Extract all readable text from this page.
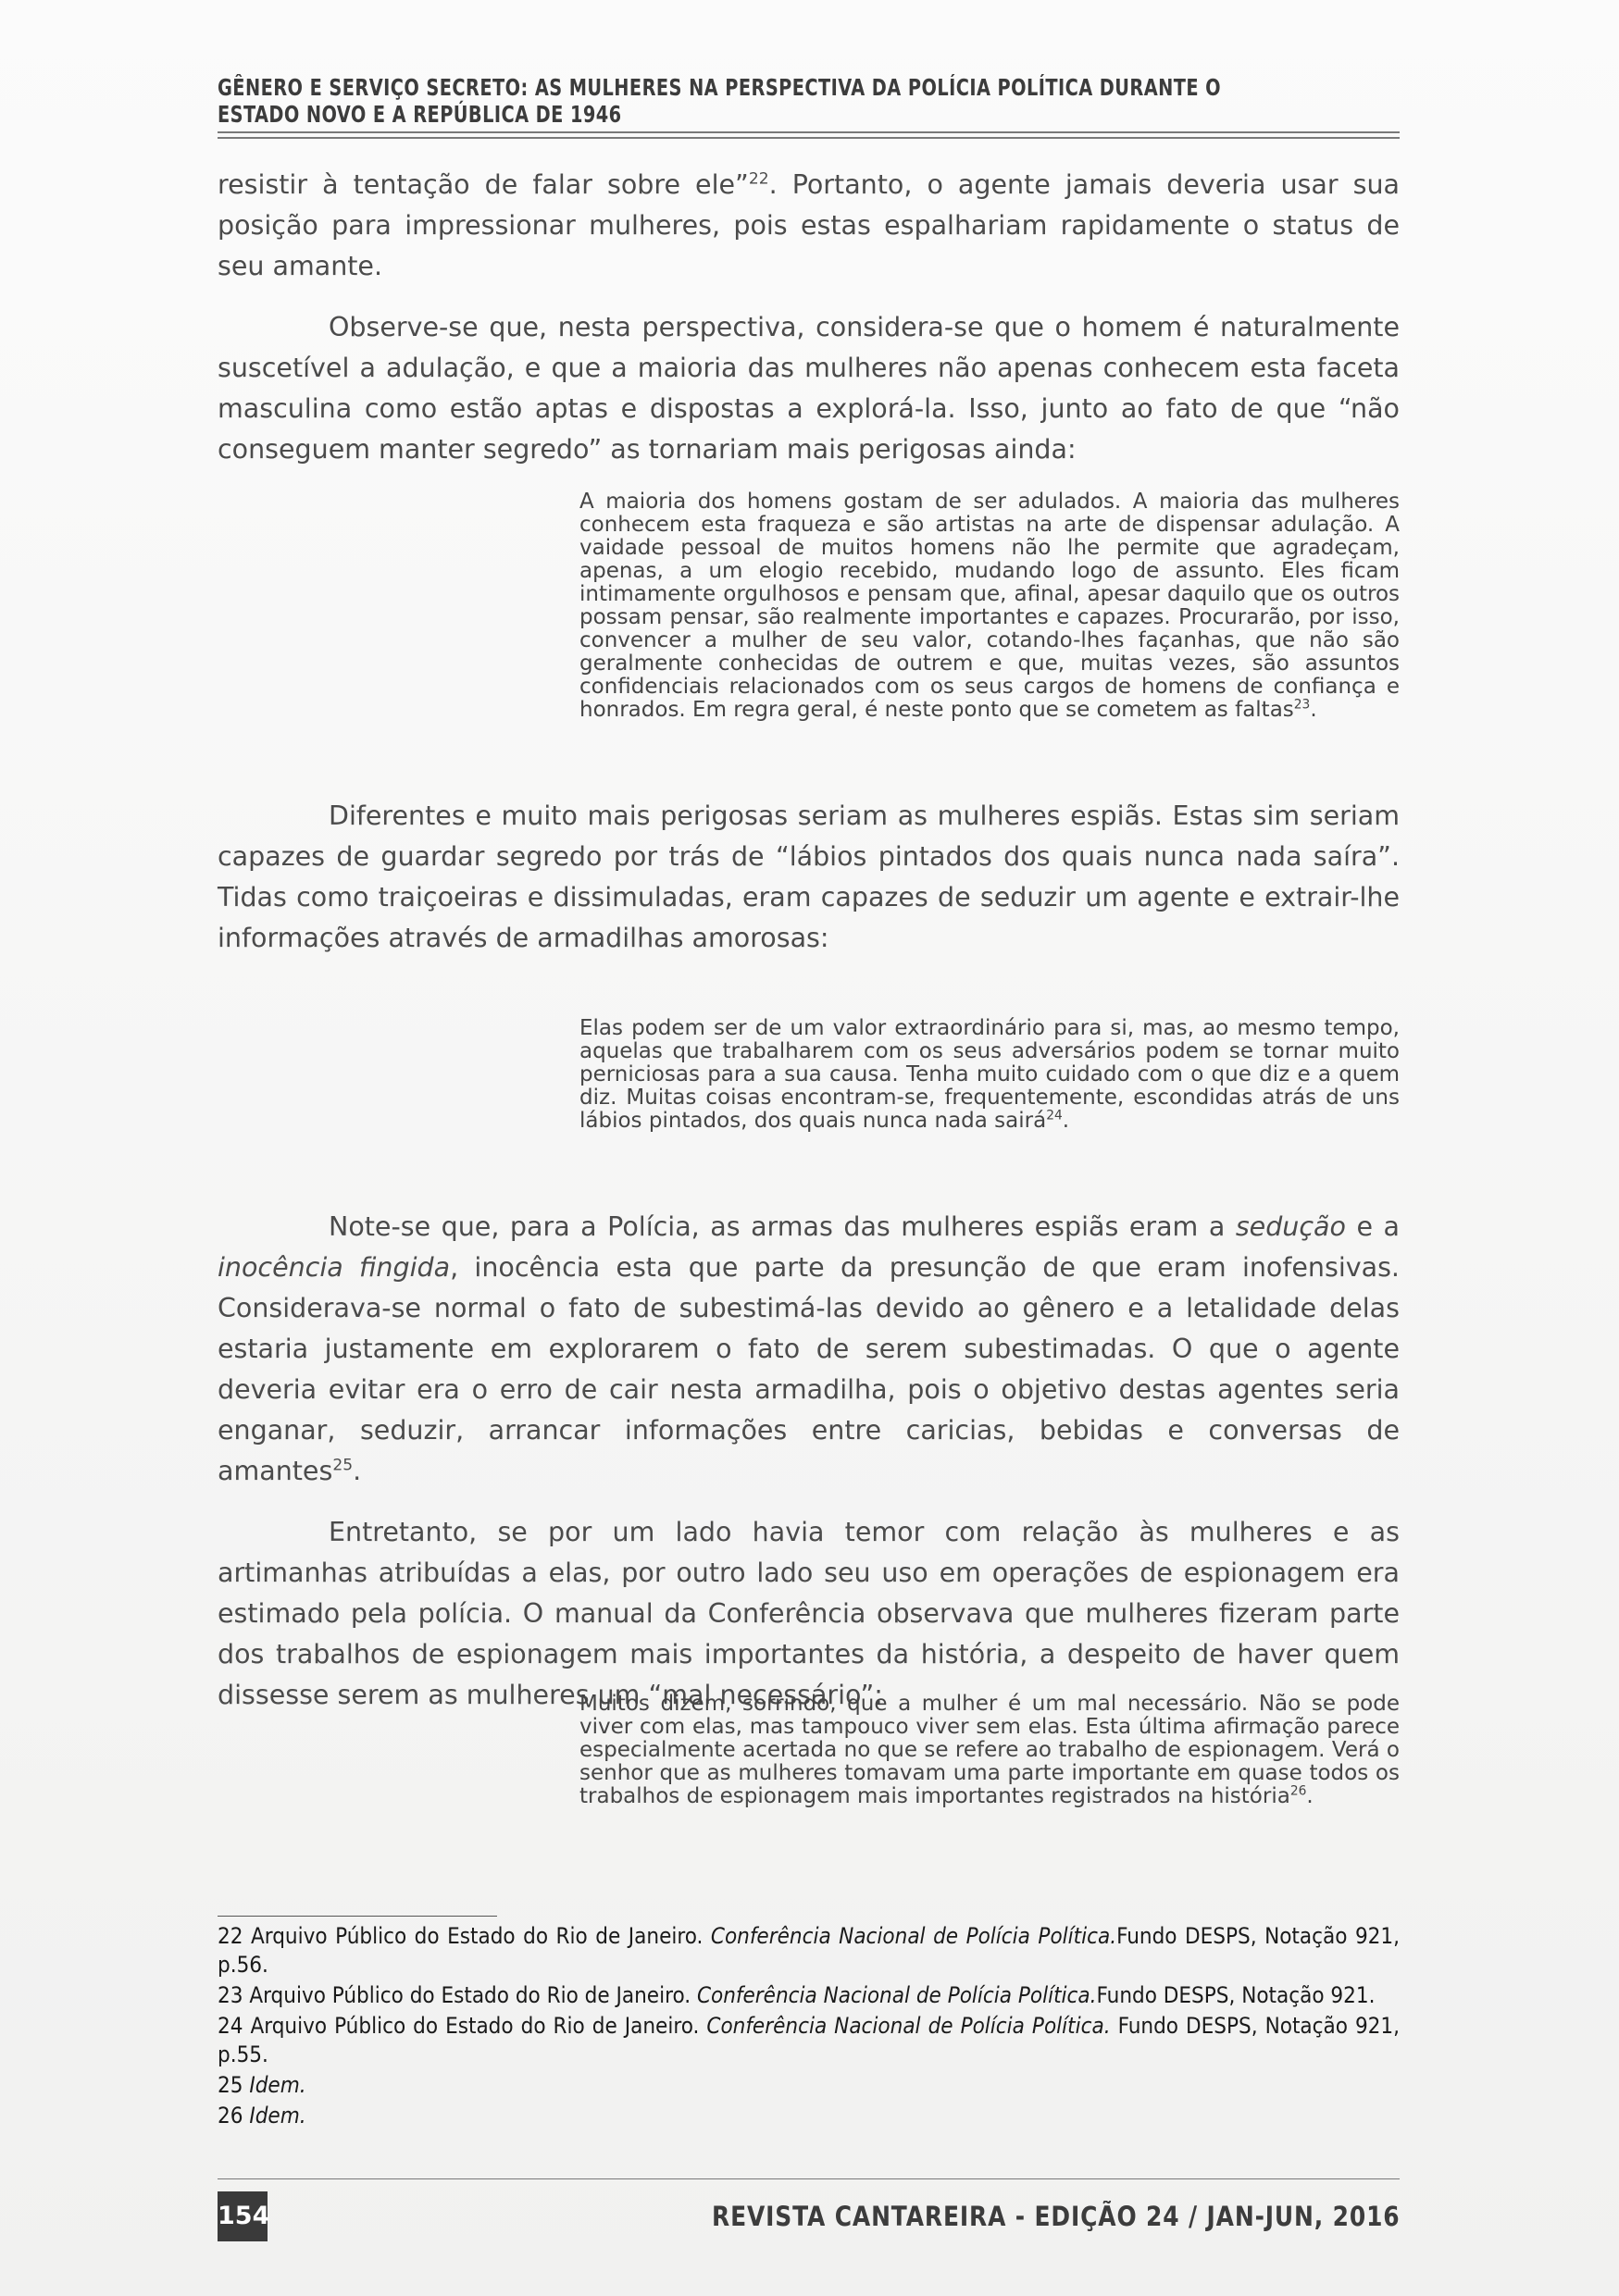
GÊNERO E SERVIÇO SECRETO: AS MULHERES NA PERSPECTIVA DA POLÍCIA POLÍTICA DURANTE O
ESTADO NOVO E A REPÚBLICA DE 1946

resistir à tentação de falar sobre ele”$^{22}$. Portanto, o agente jamais deveria usar sua posição para impressionar mulheres, pois estas espalhariam rapidamente o status de seu amante.

Observe-se que, nesta perspectiva, considera-se que o homem é naturalmente suscetível a adulação, e que a maioria das mulheres não apenas conhecem esta faceta masculina como estão aptas e dispostas a explorá-la. Isso, junto ao fato de que “não conseguem manter segredo” as tornariam mais perigosas ainda:

A maioria dos homens gostam de ser adulados. A maioria das mulheres conhecem esta fraqueza e são artistas na arte de dispensar adulação. A vaidade pessoal de muitos homens não lhe permite que agradeçam, apenas, a um elogio recebido, mudando logo de assunto. Eles ficam intimamente orgulhosos e pensam que, afinal, apesar daquilo que os outros possam pensar, são realmente importantes e capazes. Procurarão, por isso, convencer a mulher de seu valor, cotando-lhes façanhas, que não são geralmente conhecidas de outrem e que, muitas vezes, são assuntos confidenciais relacionados com os seus cargos de homens de confiança e honrados. Em regra geral, é neste ponto que se cometem as faltas$^{23}$.

Diferentes e muito mais perigosas seriam as mulheres espiãs. Estas sim seriam capazes de guardar segredo por trás de “lábios pintados dos quais nunca nada saíra”. Tidas como traiçoeiras e dissimuladas, eram capazes de seduzir um agente e extrair-lhe informações através de armadilhas amorosas:

Elas podem ser de um valor extraordinário para si, mas, ao mesmo tempo, aquelas que trabalharem com os seus adversários podem se tornar muito perniciosas para a sua causa. Tenha muito cuidado com o que diz e a quem diz. Muitas coisas encontram-se, frequentemente, escondidas atrás de uns lábios pintados, dos quais nunca nada sairá$^{24}$.

Note-se que, para a Polícia, as armas das mulheres espiãs eram a sedução e a inocência fingida, inocência esta que parte da presunção de que eram inofensivas. Considerava-se normal o fato de subestimá-las devido ao gênero e a letalidade delas estaria justamente em explorarem o fato de serem subestimadas. O que o agente deveria evitar era o erro de cair nesta armadilha, pois o objetivo destas agentes seria enganar, seduzir, arrancar informações entre caricias, bebidas e conversas de amantes$^{25}$.

Entretanto, se por um lado havia temor com relação às mulheres e as artimanhas atribuídas a elas, por outro lado seu uso em operações de espionagem era estimado pela polícia. O manual da Conferência observava que mulheres fizeram parte dos trabalhos de espionagem mais importantes da história, a despeito de haver quem dissesse serem as mulheres um “mal necessário”:

Muitos dizem, sorrindo, que a mulher é um mal necessário. Não se pode viver com elas, mas tampouco viver sem elas. Esta última afirmação parece especialmente acertada no que se refere ao trabalho de espionagem. Verá o senhor que as mulheres tomavam uma parte importante em quase todos os trabalhos de espionagem mais importantes registrados na história$^{26}$.
22 Arquivo Público do Estado do Rio de Janeiro. Conferência Nacional de Polícia Política.Fundo DESPS, Notação 921, p.56.
23 Arquivo Público do Estado do Rio de Janeiro. Conferência Nacional de Polícia Política.Fundo DESPS, Notação 921.
24 Arquivo Público do Estado do Rio de Janeiro. Conferência Nacional de Polícia Política. Fundo DESPS, Notação 921, p.55.
25 Idem.
26 Idem.
154	REVISTA CANTAREIRA - EDIÇÃO 24 / JAN-JUN, 2016
